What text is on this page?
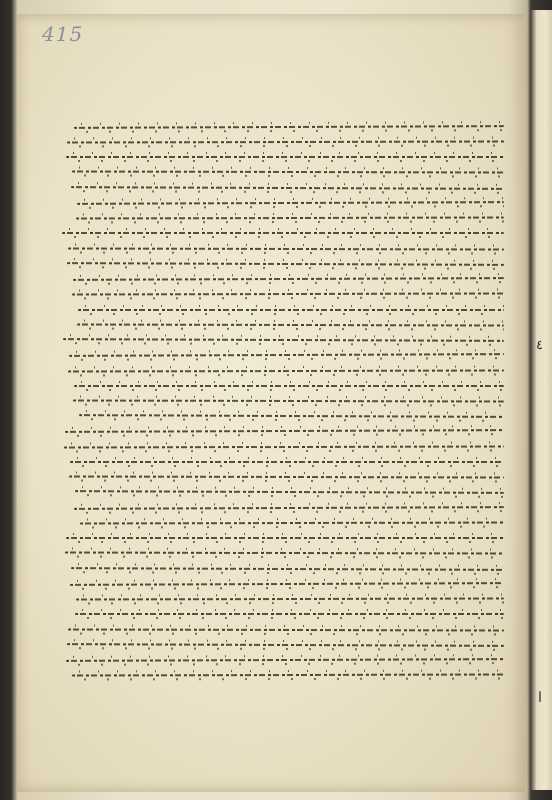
415
٤
ا
